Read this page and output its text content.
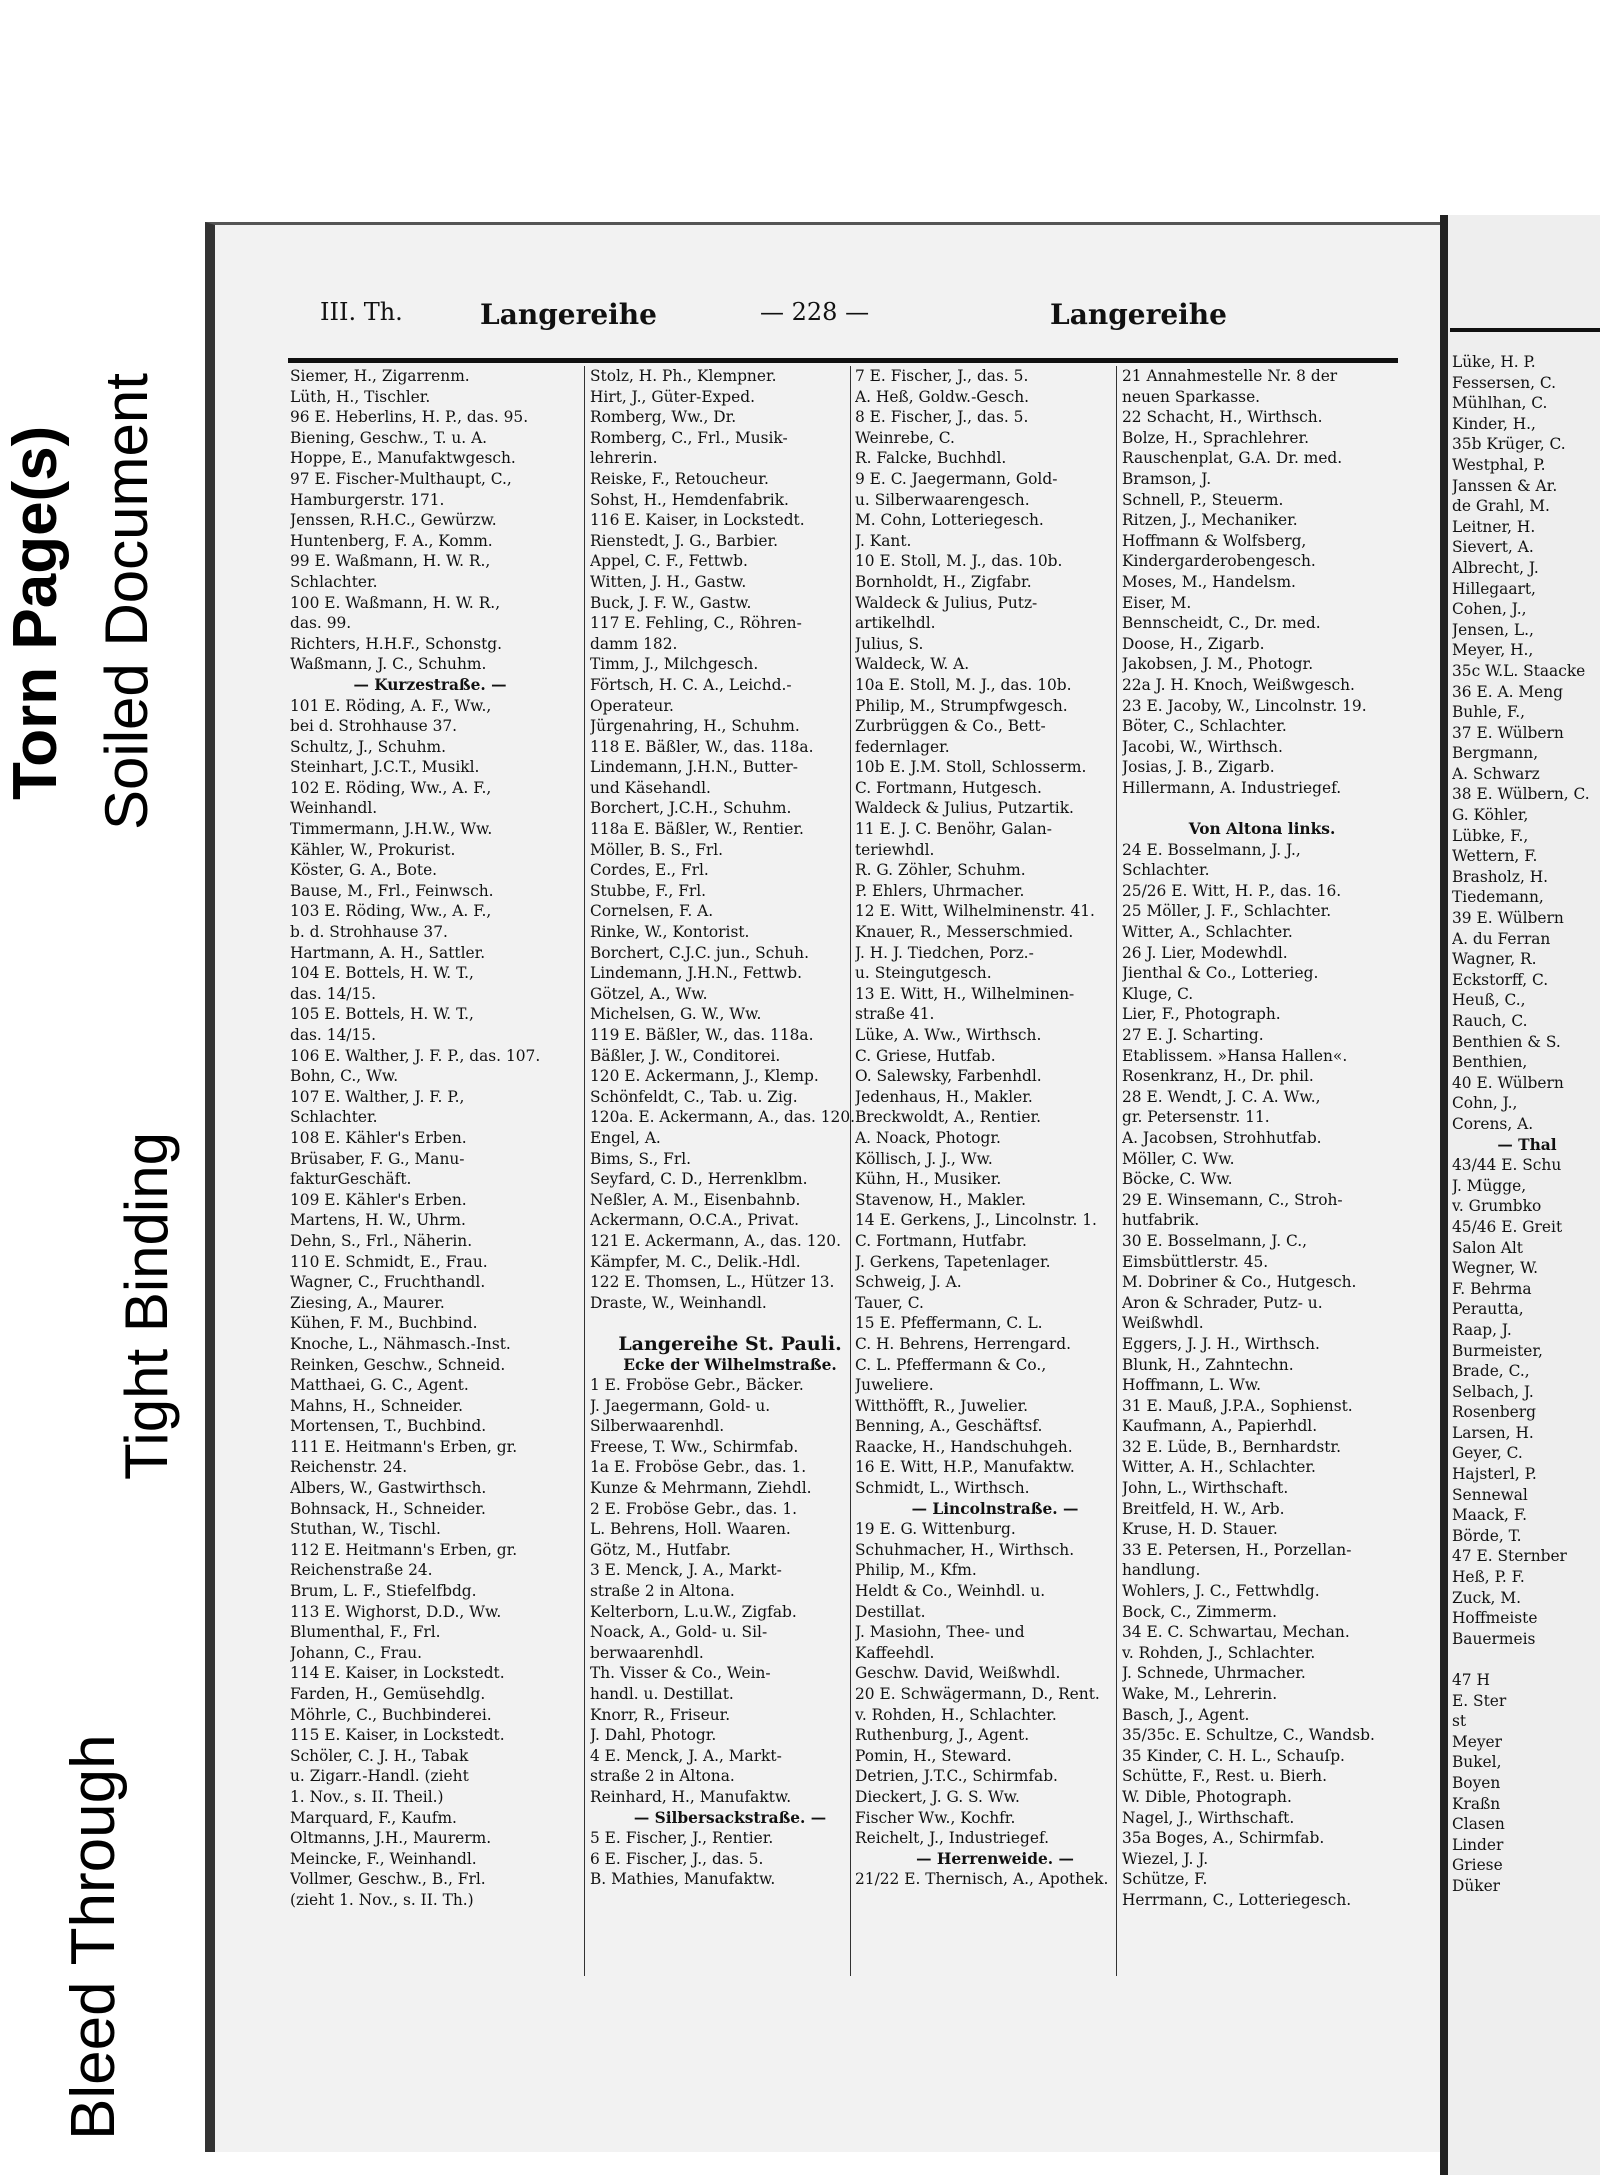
Torn Page(s) Soiled Document
Tight Binding
Bleed Through
III. Th.	Langereihe	— 228 —	Langereihe
Siemer, H., Zigarrenm.
Lüth, H., Tischler.
96 E. Heberlins, H. P., das. 95.
Biening, Geschw., T. u. A.
Hoppe, E., Manufaktwgesch.
97 E. Fischer-Multhaupt, C.,
Hamburgerstr. 171.
Jenssen, R.H.C., Gewürzw.
Huntenberg, F. A., Komm.
99 E. Waßmann, H. W. R.,
Schlachter.
100 E. Waßmann, H. W. R.,
das. 99.
Richters, H.H.F., Schonstg.
Waßmann, J. C., Schuhm.
— Kurzestraße. —
101 E. Röding, A. F., Ww.,
bei d. Strohhause 37.
Schultz, J., Schuhm.
Steinhart, J.C.T., Musikl.
102 E. Röding, Ww., A. F.,
Weinhandl.
Timmermann, J.H.W., Ww.
Kähler, W., Prokurist.
Köster, G. A., Bote.
Bause, M., Frl., Feinwsch.
103 E. Röding, Ww., A. F.,
b. d. Strohhause 37.
Hartmann, A. H., Sattler.
104 E. Bottels, H. W. T.,
das. 14/15.
105 E. Bottels, H. W. T.,
das. 14/15.
106 E. Walther, J. F. P., das. 107.
Bohn, C., Ww.
107 E. Walther, J. F. P.,
Schlachter.
108 E. Kähler's Erben.
Brüsaber, F. G., Manu-
fakturGeschäft.
109 E. Kähler's Erben.
Martens, H. W., Uhrm.
Dehn, S., Frl., Näherin.
110 E. Schmidt, E., Frau.
Wagner, C., Fruchthandl.
Ziesing, A., Maurer.
Kühen, F. M., Buchbind.
Knoche, L., Nähmasch.-Inst.
Reinken, Geschw., Schneid.
Matthaei, G. C., Agent.
Mahns, H., Schneider.
Mortensen, T., Buchbind.
111 E. Heitmann's Erben, gr.
Reichenstr. 24.
Albers, W., Gastwirthsch.
Bohnsack, H., Schneider.
Stuthan, W., Tischl.
112 E. Heitmann's Erben, gr.
Reichenstraße 24.
Brum, L. F., Stiefelfbdg.
113 E. Wighorst, D.D., Ww.
Blumenthal, F., Frl.
Johann, C., Frau.
114 E. Kaiser, in Lockstedt.
Farden, H., Gemüsehdlg.
Möhrle, C., Buchbinderei.
115 E. Kaiser, in Lockstedt.
Schöler, C. J. H., Tabak
u. Zigarr.-Handl. (zieht
1. Nov., s. II. Theil.)
Marquard, F., Kaufm.
Oltmanns, J.H., Maurerm.
Meincke, F., Weinhandl.
Vollmer, Geschw., B., Frl.
(zieht 1. Nov., s. II. Th.)
Stolz, H. Ph., Klempner.
Hirt, J., Güter-Exped.
Romberg, Ww., Dr.
Romberg, C., Frl., Musik-
lehrerin.
Reiske, F., Retoucheur.
Sohst, H., Hemdenfabrik.
116 E. Kaiser, in Lockstedt.
Rienstedt, J. G., Barbier.
Appel, C. F., Fettwb.
Witten, J. H., Gastw.
Buck, J. F. W., Gastw.
117 E. Fehling, C., Röhren-
damm 182.
Timm, J., Milchgesch.
Förtsch, H. C. A., Leichd.-
Operateur.
Jürgenahring, H., Schuhm.
118 E. Bäßler, W., das. 118a.
Lindemann, J.H.N., Butter-
und Käsehandl.
Borchert, J.C.H., Schuhm.
118a E. Bäßler, W., Rentier.
Möller, B. S., Frl.
Cordes, E., Frl.
Stubbe, F., Frl.
Cornelsen, F. A.
Rinke, W., Kontorist.
Borchert, C.J.C. jun., Schuh.
Lindemann, J.H.N., Fettwb.
Götzel, A., Ww.
Michelsen, G. W., Ww.
119 E. Bäßler, W., das. 118a.
Bäßler, J. W., Conditorei.
120 E. Ackermann, J., Klemp.
Schönfeldt, C., Tab. u. Zig.
120a. E. Ackermann, A., das. 120.
Engel, A.
Bims, S., Frl.
Seyfard, C. D., Herrenklbm.
Neßler, A. M., Eisenbahnb.
Ackermann, O.C.A., Privat.
121 E. Ackermann, A., das. 120.
Kämpfer, M. C., Delik.-Hdl.
122 E. Thomsen, L., Hützer 13.
Draste, W., Weinhandl.
Langereihe St. Pauli.
Ecke der Wilhelmstraße.
1 E. Froböse Gebr., Bäcker.
J. Jaegermann, Gold- u.
Silberwaarenhdl.
Freese, T. Ww., Schirmfab.
1a E. Froböse Gebr., das. 1.
Kunze & Mehrmann, Ziehdl.
2 E. Froböse Gebr., das. 1.
L. Behrens, Holl. Waaren.
Götz, M., Hutfabr.
3 E. Menck, J. A., Markt-
straße 2 in Altona.
Kelterborn, L.u.W., Zigfab.
Noack, A., Gold- u. Sil-
berwaarenhdl.
Th. Visser & Co., Wein-
handl. u. Destillat.
Knorr, R., Friseur.
J. Dahl, Photogr.
4 E. Menck, J. A., Markt-
straße 2 in Altona.
Reinhard, H., Manufaktw.
— Silbersackstraße. —
5 E. Fischer, J., Rentier.
6 E. Fischer, J., das. 5.
B. Mathies, Manufaktw.
7 E. Fischer, J., das. 5.
A. Heß, Goldw.-Gesch.
8 E. Fischer, J., das. 5.
Weinrebe, C.
R. Falcke, Buchhdl.
9 E. C. Jaegermann, Gold-
u. Silberwaarengesch.
M. Cohn, Lotteriegesch.
J. Kant.
10 E. Stoll, M. J., das. 10b.
Bornholdt, H., Zigfabr.
Waldeck & Julius, Putz-
artikelhdl.
Julius, S.
Waldeck, W. A.
10a E. Stoll, M. J., das. 10b.
Philip, M., Strumpfwgesch.
Zurbrüggen & Co., Bett-
federnlager.
10b E. J.M. Stoll, Schlosserm.
C. Fortmann, Hutgesch.
Waldeck & Julius, Putzartik.
11 E. J. C. Benöhr, Galan-
teriewhdl.
R. G. Zöhler, Schuhm.
P. Ehlers, Uhrmacher.
12 E. Witt, Wilhelminenstr. 41.
Knauer, R., Messerschmied.
J. H. J. Tiedchen, Porz.-
u. Steingutgesch.
13 E. Witt, H., Wilhelminen-
straße 41.
Lüke, A. Ww., Wirthsch.
C. Griese, Hutfab.
O. Salewsky, Farbenhdl.
Jedenhaus, H., Makler.
Breckwoldt, A., Rentier.
A. Noack, Photogr.
Köllisch, J. J., Ww.
Kühn, H., Musiker.
Stavenow, H., Makler.
14 E. Gerkens, J., Lincolnstr. 1.
C. Fortmann, Hutfabr.
J. Gerkens, Tapetenlager.
Schweig, J. A.
Tauer, C.
15 E. Pfeffermann, C. L.
C. H. Behrens, Herrengard.
C. L. Pfeffermann & Co.,
Juweliere.
Witthöfft, R., Juwelier.
Benning, A., Geschäftsf.
Raacke, H., Handschuhgeh.
16 E. Witt, H.P., Manufaktw.
Schmidt, L., Wirthsch.
— Lincolnstraße. —
19 E. G. Wittenburg.
Schuhmacher, H., Wirthsch.
Philip, M., Kfm.
Heldt & Co., Weinhdl. u.
Destillat.
J. Masiohn, Thee- und
Kaffeehdl.
Geschw. David, Weißwhdl.
20 E. Schwägermann, D., Rent.
v. Rohden, H., Schlachter.
Ruthenburg, J., Agent.
Pomin, H., Steward.
Detrien, J.T.C., Schirmfab.
Dieckert, J. G. S. Ww.
Fischer Ww., Kochfr.
Reichelt, J., Industriegef.
— Herrenweide. —
21/22 E. Thernisch, A., Apothek.
21 Annahmestelle Nr. 8 der
neuen Sparkasse.
22 Schacht, H., Wirthsch.
Bolze, H., Sprachlehrer.
Rauschenplat, G.A. Dr. med.
Bramson, J.
Schnell, P., Steuerm.
Ritzen, J., Mechaniker.
Hoffmann & Wolfsberg,
Kindergarderobengesch.
Moses, M., Handelsm.
Eiser, M.
Bennscheidt, C., Dr. med.
Doose, H., Zigarb.
Jakobsen, J. M., Photogr.
22a J. H. Knoch, Weißwgesch.
23 E. Jacoby, W., Lincolnstr. 19.
Böter, C., Schlachter.
Jacobi, W., Wirthsch.
Josias, J. B., Zigarb.
Hillermann, A. Industriegef.
Von Altona links.
24 E. Bosselmann, J. J.,
Schlachter.
25/26 E. Witt, H. P., das. 16.
25 Möller, J. F., Schlachter.
Witter, A., Schlachter.
26 J. Lier, Modewhdl.
Jienthal & Co., Lotterieg.
Kluge, C.
Lier, F., Photograph.
27 E. J. Scharting.
Etablissem. »Hansa Hallen«.
Rosenkranz, H., Dr. phil.
28 E. Wendt, J. C. A. Ww.,
gr. Petersenstr. 11.
A. Jacobsen, Strohhutfab.
Möller, C. Ww.
Böcke, C. Ww.
29 E. Winsemann, C., Stroh-
hutfabrik.
30 E. Bosselmann, J. C.,
Eimsbüttlerstr. 45.
M. Dobriner & Co., Hutgesch.
Aron & Schrader, Putz- u.
Weißwhdl.
Eggers, J. J. H., Wirthsch.
Blunk, H., Zahntechn.
Hoffmann, L. Ww.
31 E. Mauß, J.P.A., Sophienst.
Kaufmann, A., Papierhdl.
32 E. Lüde, B., Bernhardstr.
Witter, A. H., Schlachter.
John, L., Wirthschaft.
Breitfeld, H. W., Arb.
Kruse, H. D. Stauer.
33 E. Petersen, H., Porzellan-
handlung.
Wohlers, J. C., Fettwhdlg.
Bock, C., Zimmerm.
34 E. C. Schwartau, Mechan.
v. Rohden, J., Schlachter.
J. Schnede, Uhrmacher.
Wake, M., Lehrerin.
Basch, J., Agent.
35/35c. E. Schultze, C., Wandsb.
35 Kinder, C. H. L., Schauſp.
Schütte, F., Rest. u. Bierh.
W. Dible, Photograph.
Nagel, J., Wirthschaft.
35a Boges, A., Schirmfab.
Wiezel, J. J.
Schütze, F.
Herrmann, C., Lotteriegesch.
Lüke, H. P.
Fessersen, C.
Mühlhan, C.
Kinder, H.,
35b Krüger, C.
Westphal, P.
Janssen & Ar.
de Grahl, M.
Leitner, H.
Sievert, A.
Albrecht, J.
Hillegaart,
Cohen, J.,
Jensen, L.,
Meyer, H.,
35c W.L. Staacke
36 E. A. Meng
Buhle, F.,
37 E. Wülbern
Bergmann,
A. Schwarz
38 E. Wülbern, C.
G. Köhler,
Lübke, F.,
Wettern, F.
Brasholz, H.
Tiedemann,
39 E. Wülbern
A. du Ferran
Wagner, R.
Eckstorff, C.
Heuß, C.,
Rauch, C.
Benthien & S.
Benthien,
40 E. Wülbern
Cohn, J.,
Corens, A.
— Thal
43/44 E. Schu
J. Mügge,
v. Grumbko
45/46 E. Greit
Salon Alt
Wegner, W.
F. Behrma
Perautta,
Raap, J.
Burmeister,
Brade, C.,
Selbach, J.
Rosenberg
Larsen, H.
Geyer, C.
Hajsterl, P.
Sennewal
Maack, F.
Börde, T.
47 E. Sternber
Heß, P. F.
Zuck, M.
Hoffmeiste
Bauermeis
47 H
E. Ster
st
Meyer
Bukel,
Boyen
Kraßn
Clasen
Linder
Griese
Düker
